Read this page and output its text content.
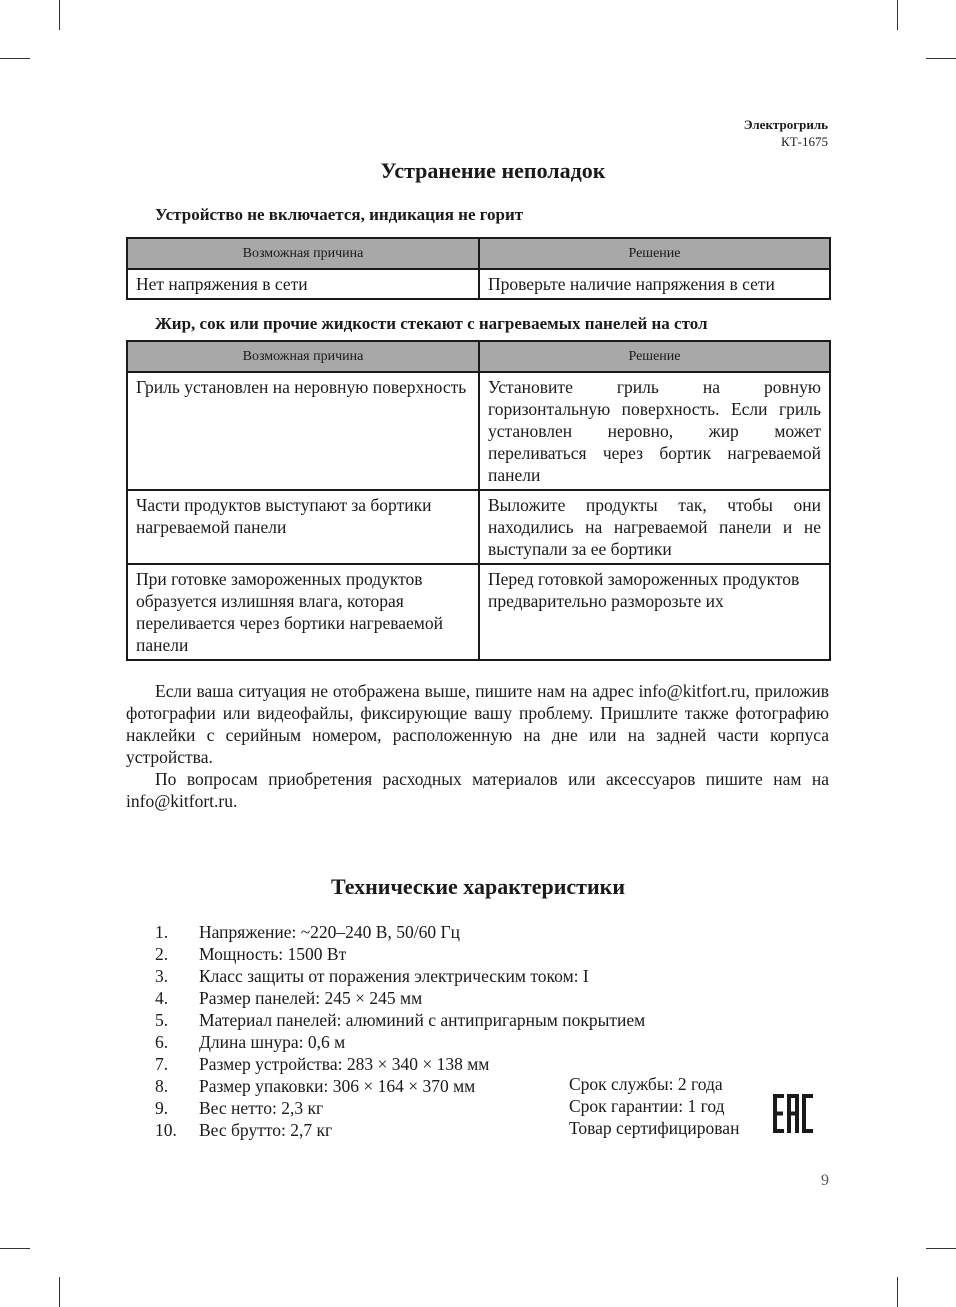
Электрогриль
КТ-1675
Устранение неполадок
Устройство не включается, индикация не горит
Возможная причина	Решение
Нет напряжения в сети	Проверьте наличие напряжения в сети
Жир, сок или прочие жидкости стекают с нагреваемых панелей на стол
Возможная причина	Решение
Гриль установлен на неровную поверхность	Установите гриль на ровную горизонтальную поверхность. Если гриль установлен неровно, жир может переливаться через бортик нагреваемой панели
Части продуктов выступают за бортики нагреваемой панели	Выложите продукты так, чтобы они находились на нагреваемой панели и не выступали за ее бортики
При готовке замороженных продуктов образуется излишняя влага, которая переливается через бортики нагреваемой панели	Перед готовкой замороженных продуктов предварительно разморозьте их

Если ваша ситуация не отображена выше, пишите нам на адрес info@kitfort.ru, приложив фотографии или видеофайлы, фиксирующие вашу проблему. Пришлите также фотографию наклейки с серийным номером, расположенную на дне или на задней части корпуса устройства.

По вопросам приобретения расходных материалов или аксессуаров пишите нам на info@kitfort.ru.

Технические характеристики
1.	Напряжение: ~220–240 В, 50/60 Гц
2.	Мощность: 1500 Вт
3.	Класс защиты от поражения электрическим током: I
4.	Размер панелей: 245 × 245 мм
5.	Материал панелей: алюминий с антипригарным покрытием
6.	Длина шнура: 0,6 м
7.	Размер устройства: 283 × 340 × 138 мм
8.	Размер упаковки: 306 × 164 × 370 мм
9.	Вес нетто: 2,3 кг
10.	Вес брутто: 2,7 кг
Срок службы: 2 года
Срок гарантии: 1 год
Товар сертифицирован
9
